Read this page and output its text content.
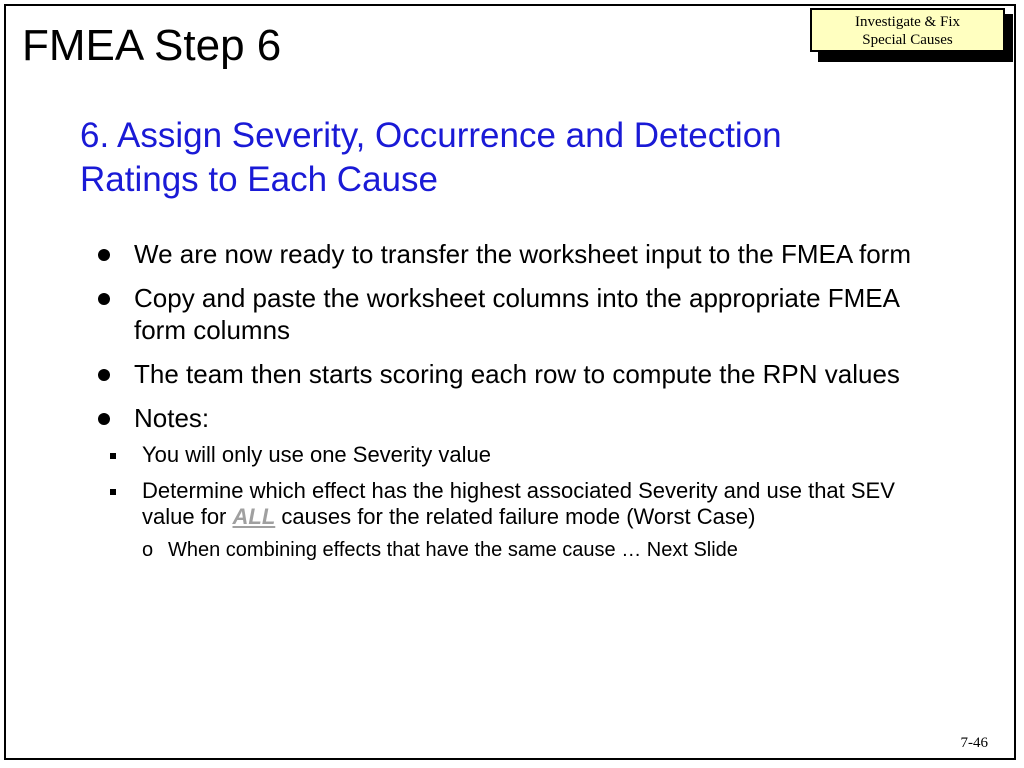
FMEA Step 6	Investigate & Fix
Special Causes
6. Assign Severity, Occurrence and Detection
Ratings to Each Cause
We are now ready to transfer the worksheet input to the FMEA form
Copy and paste the worksheet columns into the appropriate FMEA form columns
The team then starts scoring each row to compute the RPN values
Notes:
You will only use one Severity value
Determine which effect has the highest associated Severity and use that SEV value for ALL causes for the related failure mode (Worst Case)
o When combining effects that have the same cause … Next Slide
7-46
